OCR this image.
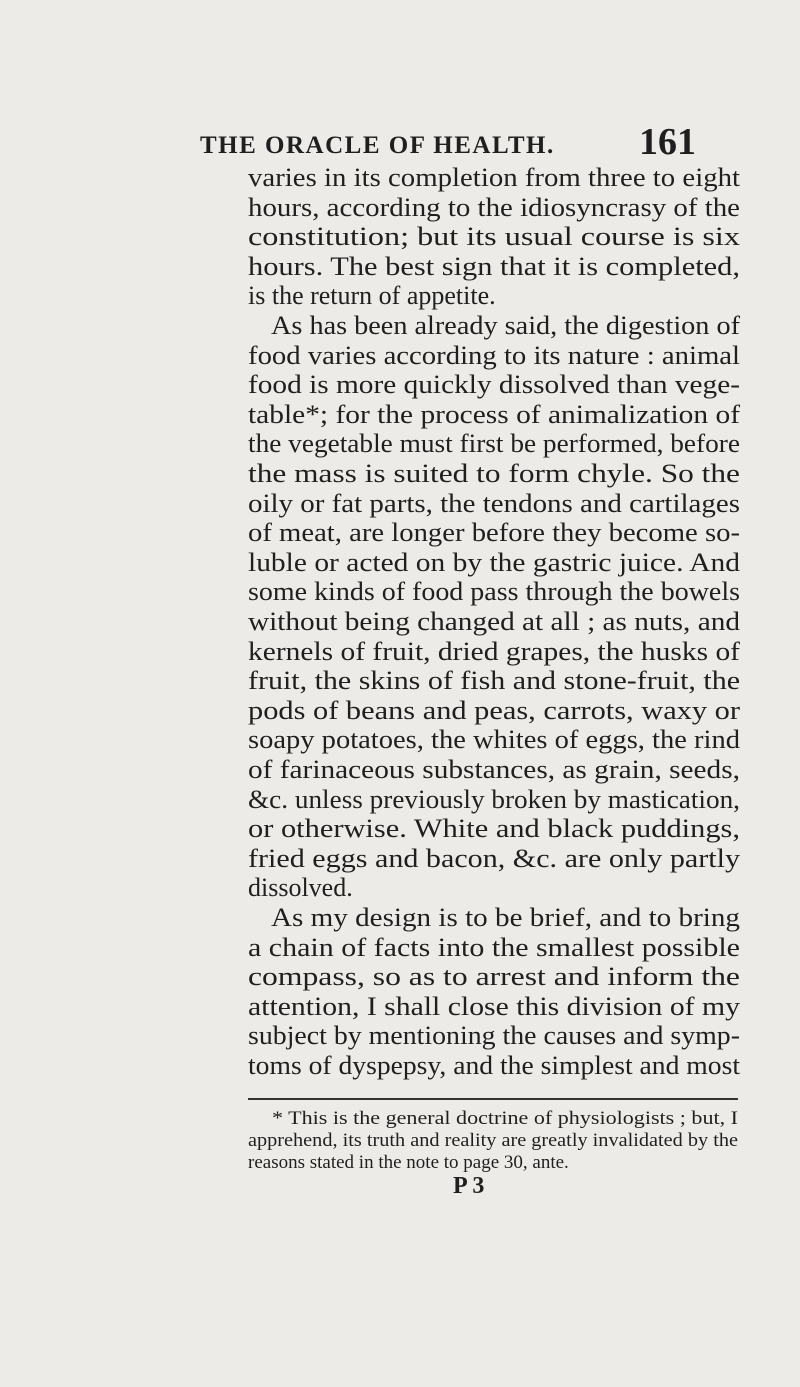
THE ORACLE OF HEALTH. 161
varies in its completion from three to eight
hours, according to the idiosyncrasy of the
constitution; but its usual course is six
hours. The best sign that it is completed,
is the return of appetite.
As has been already said, the digestion of
food varies according to its nature : animal
food is more quickly dissolved than vege-
table*; for the process of animalization of
the vegetable must first be performed, before
the mass is suited to form chyle. So the
oily or fat parts, the tendons and cartilages
of meat, are longer before they become so-
luble or acted on by the gastric juice. And
some kinds of food pass through the bowels
without being changed at all ; as nuts, and
kernels of fruit, dried grapes, the husks of
fruit, the skins of fish and stone-fruit, the
pods of beans and peas, carrots, waxy or
soapy potatoes, the whites of eggs, the rind
of farinaceous substances, as grain, seeds,
&c. unless previously broken by mastication,
or otherwise. White and black puddings,
fried eggs and bacon, &c. are only partly
dissolved.
As my design is to be brief, and to bring
a chain of facts into the smallest possible
compass, so as to arrest and inform the
attention, I shall close this division of my
subject by mentioning the causes and symp-
toms of dyspepsy, and the simplest and most
* This is the general doctrine of physiologists ; but, I
apprehend, its truth and reality are greatly invalidated by the
reasons stated in the note to page 30, ante.
P 3
